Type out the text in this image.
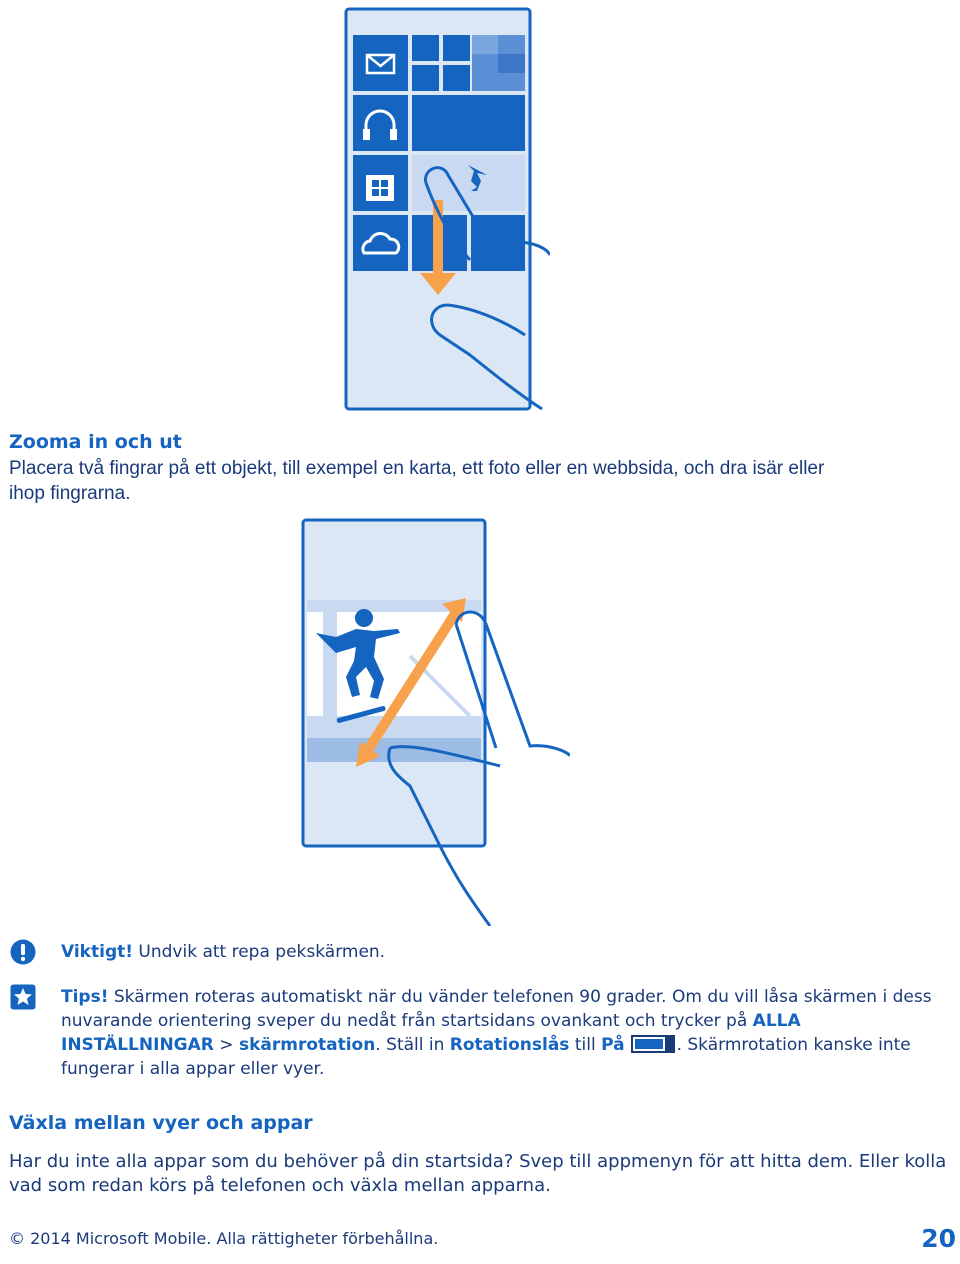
Zooma in och ut
Placera två fingrar på ett objekt, till exempel en karta, ett foto eller en webbsida, och dra isär eller
ihop fingrarna.
Viktigt! Undvik att repa pekskärmen.
Tips! Skärmen roteras automatiskt när du vänder telefonen 90 grader. Om du vill låsa skärmen i dess nuvarande orientering sveper du nedåt från startsidans ovankant och trycker på ALLA INSTÄLLNINGAR > skärmrotation. Ställ in Rotationslås till På	. Skärmrotation kanske inte fungerar i alla appar eller vyer.
Växla mellan vyer och appar
Har du inte alla appar som du behöver på din startsida? Svep till appmenyn för att hitta dem. Eller kolla vad som redan körs på telefonen och växla mellan apparna.
© 2014 Microsoft Mobile. Alla rättigheter förbehållna.	20
